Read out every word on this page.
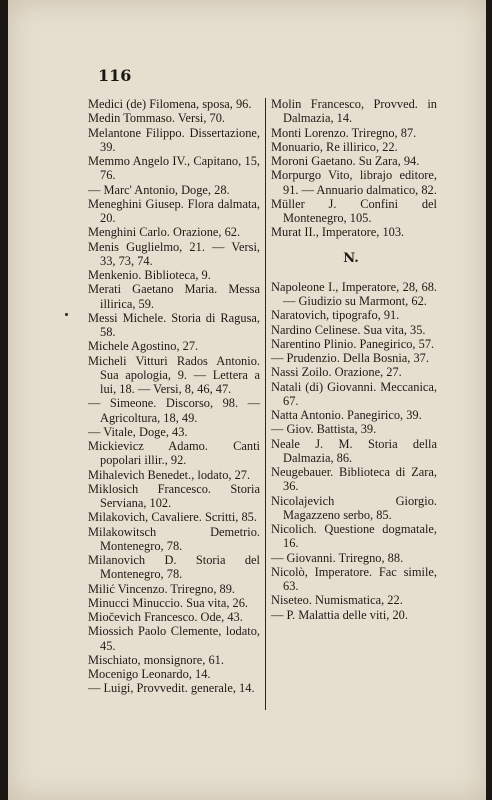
116

Medici (de) Filomena, sposa, 96.

Medin Tommaso. Versi, 70.

Melantone Filippo. Dissertazione, 39.

Memmo Angelo IV., Capitano, 15, 76.

— Marc' Antonio, Doge, 28.

Meneghini Giusep. Flora dalmata, 20.

Menghini Carlo. Orazione, 62.

Menis Guglielmo, 21. — Versi, 33, 73, 74.

Menkenio. Biblioteca, 9.

Merati Gaetano Maria. Messa illirica, 59.

Messi Michele. Storia di Ragusa, 58.

Michele Agostino, 27.

Micheli Vitturi Rados Antonio. Sua apologia, 9. — Lettera a lui, 18. — Versi, 8, 46, 47.

— Simeone. Discorso, 98. — Agricoltura, 18, 49.

— Vitale, Doge, 43.

Mickievicz Adamo. Canti popolari illir., 92.

Mihalevich Benedet., lodato, 27.

Miklosich Francesco. Storia Serviana, 102.

Milakovich, Cavaliere. Scritti, 85.

Milakowitsch Demetrio. Montenegro, 78.

Milanovich D. Storia del Montenegro, 78.

Milić Vincenzo. Triregno, 89.

Minucci Minuccio. Sua vita, 26.

Miočevich Francesco. Ode, 43.

Miossich Paolo Clemente, lodato, 45.

Mischiato, monsignore, 61.

Mocenigo Leonardo, 14.

— Luigi, Provvedit. generale, 14.

Molin Francesco, Provved. in Dalmazia, 14.

Monti Lorenzo. Triregno, 87.

Monuario, Re illirico, 22.

Moroni Gaetano. Su Zara, 94.

Morpurgo Vito, librajo editore, 91. — Annuario dalmatico, 82.

Müller J. Confini del Montenegro, 105.

Murat II., Imperatore, 103.

N.

Napoleone I., Imperatore, 28, 68. — Giudizio su Marmont, 62.

Naratovich, tipografo, 91.

Nardino Celinese. Sua vita, 35.

Narentino Plinio. Panegirico, 57.

— Prudenzio. Della Bosnia, 37.

Nassi Zoilo. Orazione, 27.

Natali (di) Giovanni. Meccanica, 67.

Natta Antonio. Panegirico, 39.

— Giov. Battista, 39.

Neale J. M. Storia della Dalmazia, 86.

Neugebauer. Biblioteca di Zara, 36.

Nicolajevich Giorgio. Magazzeno serbo, 85.

Nicolich. Questione dogmatale, 16.

— Giovanni. Triregno, 88.

Nicolò, Imperatore. Fac simile, 63.

Niseteo. Numismatica, 22.

— P. Malattia delle viti, 20.
